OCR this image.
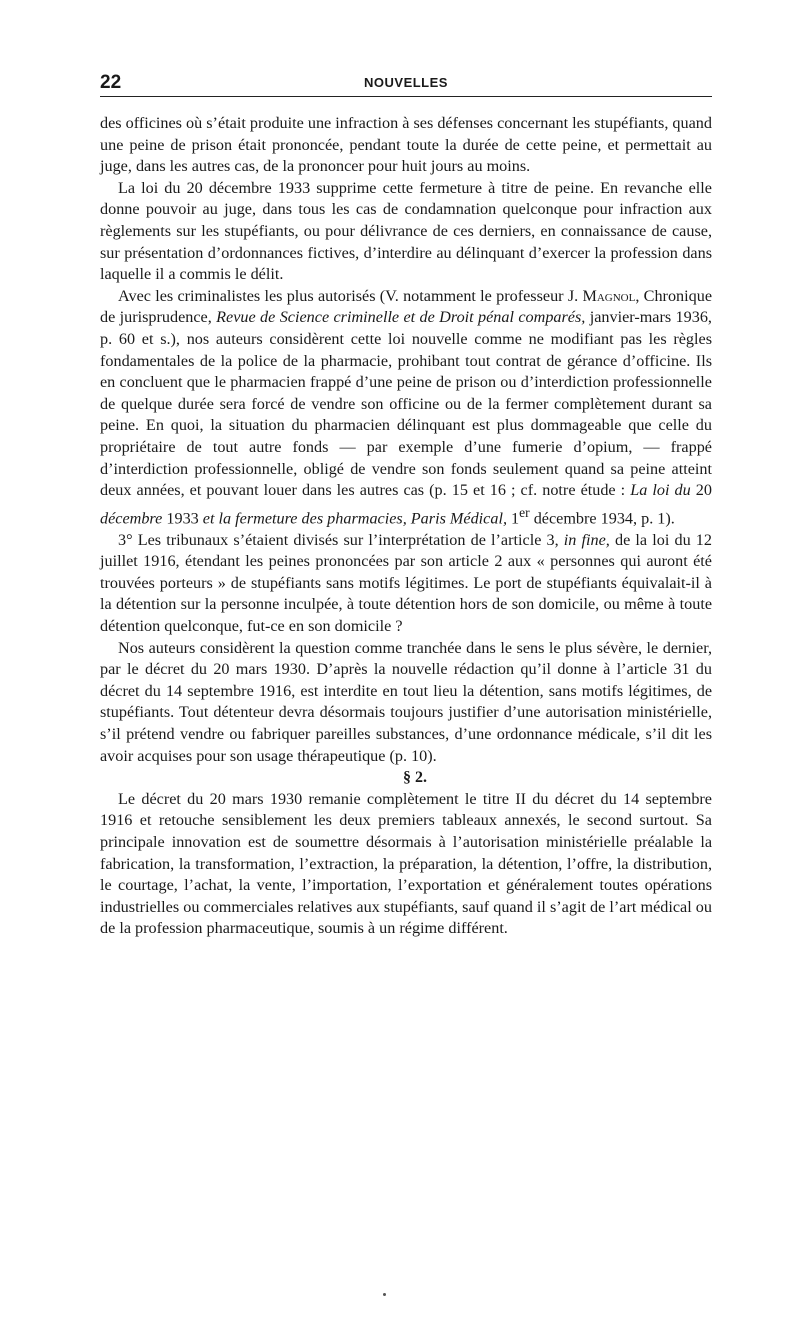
22	NOUVELLES

des officines où s’était produite une infraction à ses défenses concernant les stupéfiants, quand une peine de prison était prononcée, pendant toute la durée de cette peine, et permettait au juge, dans les autres cas, de la prononcer pour huit jours au moins.

La loi du 20 décembre 1933 supprime cette fermeture à titre de peine. En revanche elle donne pouvoir au juge, dans tous les cas de condamnation quelconque pour infraction aux règlements sur les stupéfiants, ou pour délivrance de ces derniers, en connaissance de cause, sur présentation d’ordonnances fictives, d’interdire au délinquant d’exercer la profession dans laquelle il a commis le délit.

Avec les criminalistes les plus autorisés (V. notamment le professeur J. Magnol, Chronique de jurisprudence, Revue de Science criminelle et de Droit pénal comparés, janvier-mars 1936, p. 60 et s.), nos auteurs considèrent cette loi nouvelle comme ne modifiant pas les règles fondamentales de la police de la pharmacie, prohibant tout contrat de gérance d’officine. Ils en concluent que le pharmacien frappé d’une peine de prison ou d’interdiction professionnelle de quelque durée sera forcé de vendre son officine ou de la fermer complètement durant sa peine. En quoi, la situation du pharmacien délinquant est plus dommageable que celle du propriétaire de tout autre fonds — par exemple d’une fumerie d’opium, — frappé d’interdiction professionnelle, obligé de vendre son fonds seulement quand sa peine atteint deux années, et pouvant louer dans les autres cas (p. 15 et 16 ; cf. notre étude : La loi du 20 décembre 1933 et la fermeture des pharmacies, Paris Médical, 1er décembre 1934, p. 1).

3° Les tribunaux s’étaient divisés sur l’interprétation de l’article 3, in fine, de la loi du 12 juillet 1916, étendant les peines prononcées par son article 2 aux « personnes qui auront été trouvées porteurs » de stupéfiants sans motifs légitimes. Le port de stupéfiants équivalait-il à la détention sur la personne inculpée, à toute détention hors de son domicile, ou même à toute détention quelconque, fut-ce en son domicile ?

Nos auteurs considèrent la question comme tranchée dans le sens le plus sévère, le dernier, par le décret du 20 mars 1930. D’après la nouvelle rédaction qu’il donne à l’article 31 du décret du 14 septembre 1916, est interdite en tout lieu la détention, sans motifs légitimes, de stupéfiants. Tout détenteur devra désormais toujours justifier d’une autorisation ministérielle, s’il prétend vendre ou fabriquer pareilles substances, d’une ordonnance médicale, s’il dit les avoir acquises pour son usage thérapeutique (p. 10).

§ 2.

Le décret du 20 mars 1930 remanie complètement le titre II du décret du 14 septembre 1916 et retouche sensiblement les deux premiers tableaux annexés, le second surtout. Sa principale innovation est de soumettre désormais à l’autorisation ministérielle préalable la fabrication, la transformation, l’extraction, la préparation, la détention, l’offre, la distribution, le courtage, l’achat, la vente, l’importation, l’exportation et généralement toutes opérations industrielles ou commerciales relatives aux stupéfiants, sauf quand il s’agit de l’art médical ou de la profession pharmaceutique, soumis à un régime différent.
